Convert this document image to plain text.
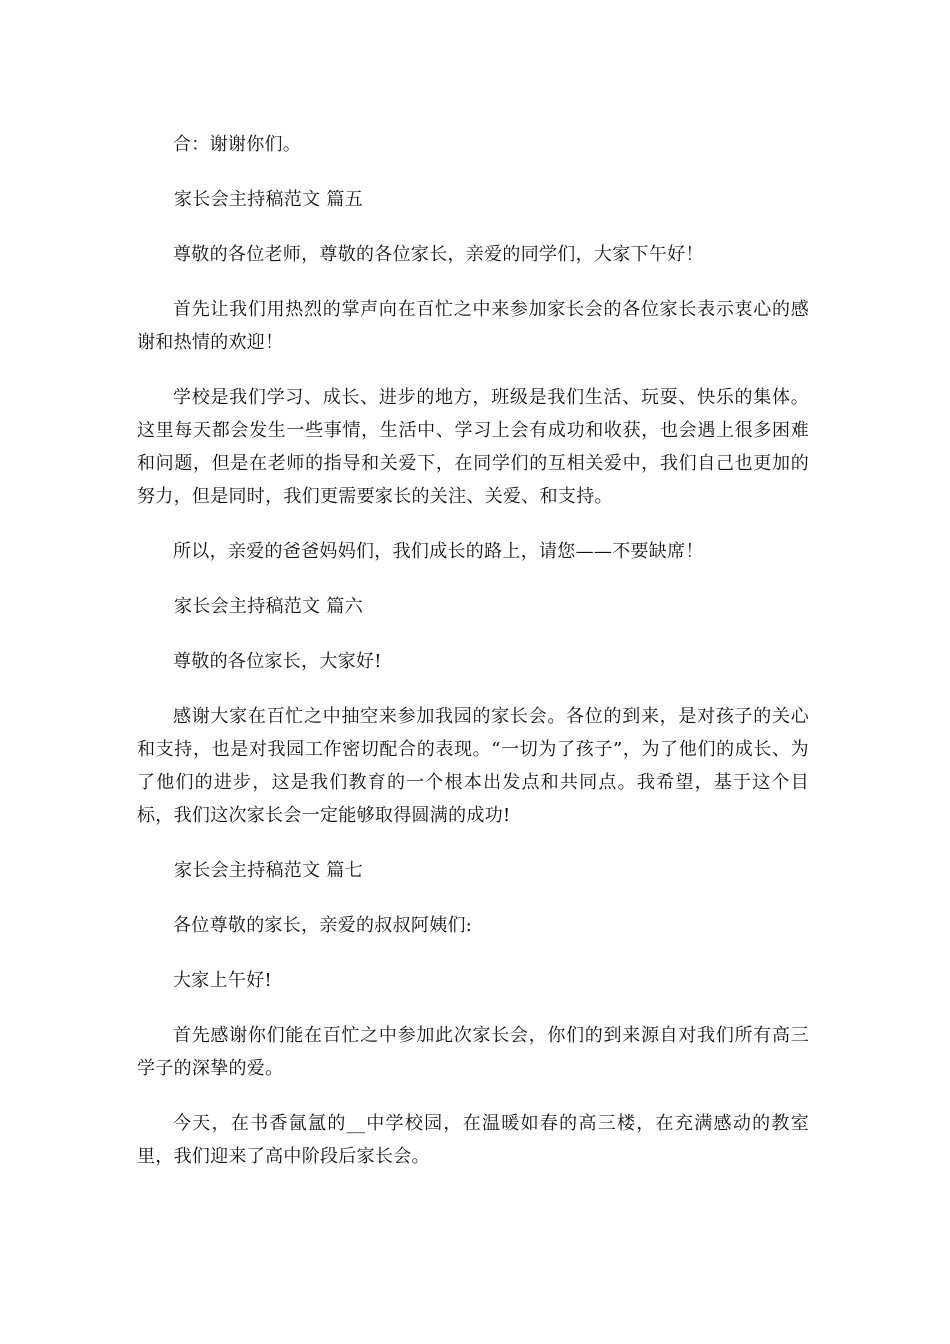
合：谢谢你们。

家长会主持稿范文 篇五

尊敬的各位老师，尊敬的各位家长，亲爱的同学们，大家下午好！

首先让我们用热烈的掌声向在百忙之中来参加家长会的各位家长表示衷心的感谢和热情的欢迎！

学校是我们学习、成长、进步的地方，班级是我们生活、玩耍、快乐的集体。这里每天都会发生一些事情，生活中、学习上会有成功和收获，也会遇上很多困难和问题，但是在老师的指导和关爱下，在同学们的互相关爱中，我们自己也更加的努力，但是同时，我们更需要家长的关注、关爱、和支持。

所以，亲爱的爸爸妈妈们，我们成长的路上，请您——不要缺席！

家长会主持稿范文 篇六

尊敬的各位家长，大家好!

感谢大家在百忙之中抽空来参加我园的家长会。各位的到来，是对孩子的关心和支持，也是对我园工作密切配合的表现。“一切为了孩子”，为了他们的成长、为了他们的进步，这是我们教育的一个根本出发点和共同点。我希望，基于这个目标，我们这次家长会一定能够取得圆满的成功!

家长会主持稿范文 篇七

各位尊敬的家长，亲爱的叔叔阿姨们:

大家上午好!

首先感谢你们能在百忙之中参加此次家长会，你们的到来源自对我们所有高三学子的深挚的爱。

今天，在书香氤氲的__中学校园，在温暖如春的高三楼，在充满感动的教室里，我们迎来了高中阶段后家长会。
